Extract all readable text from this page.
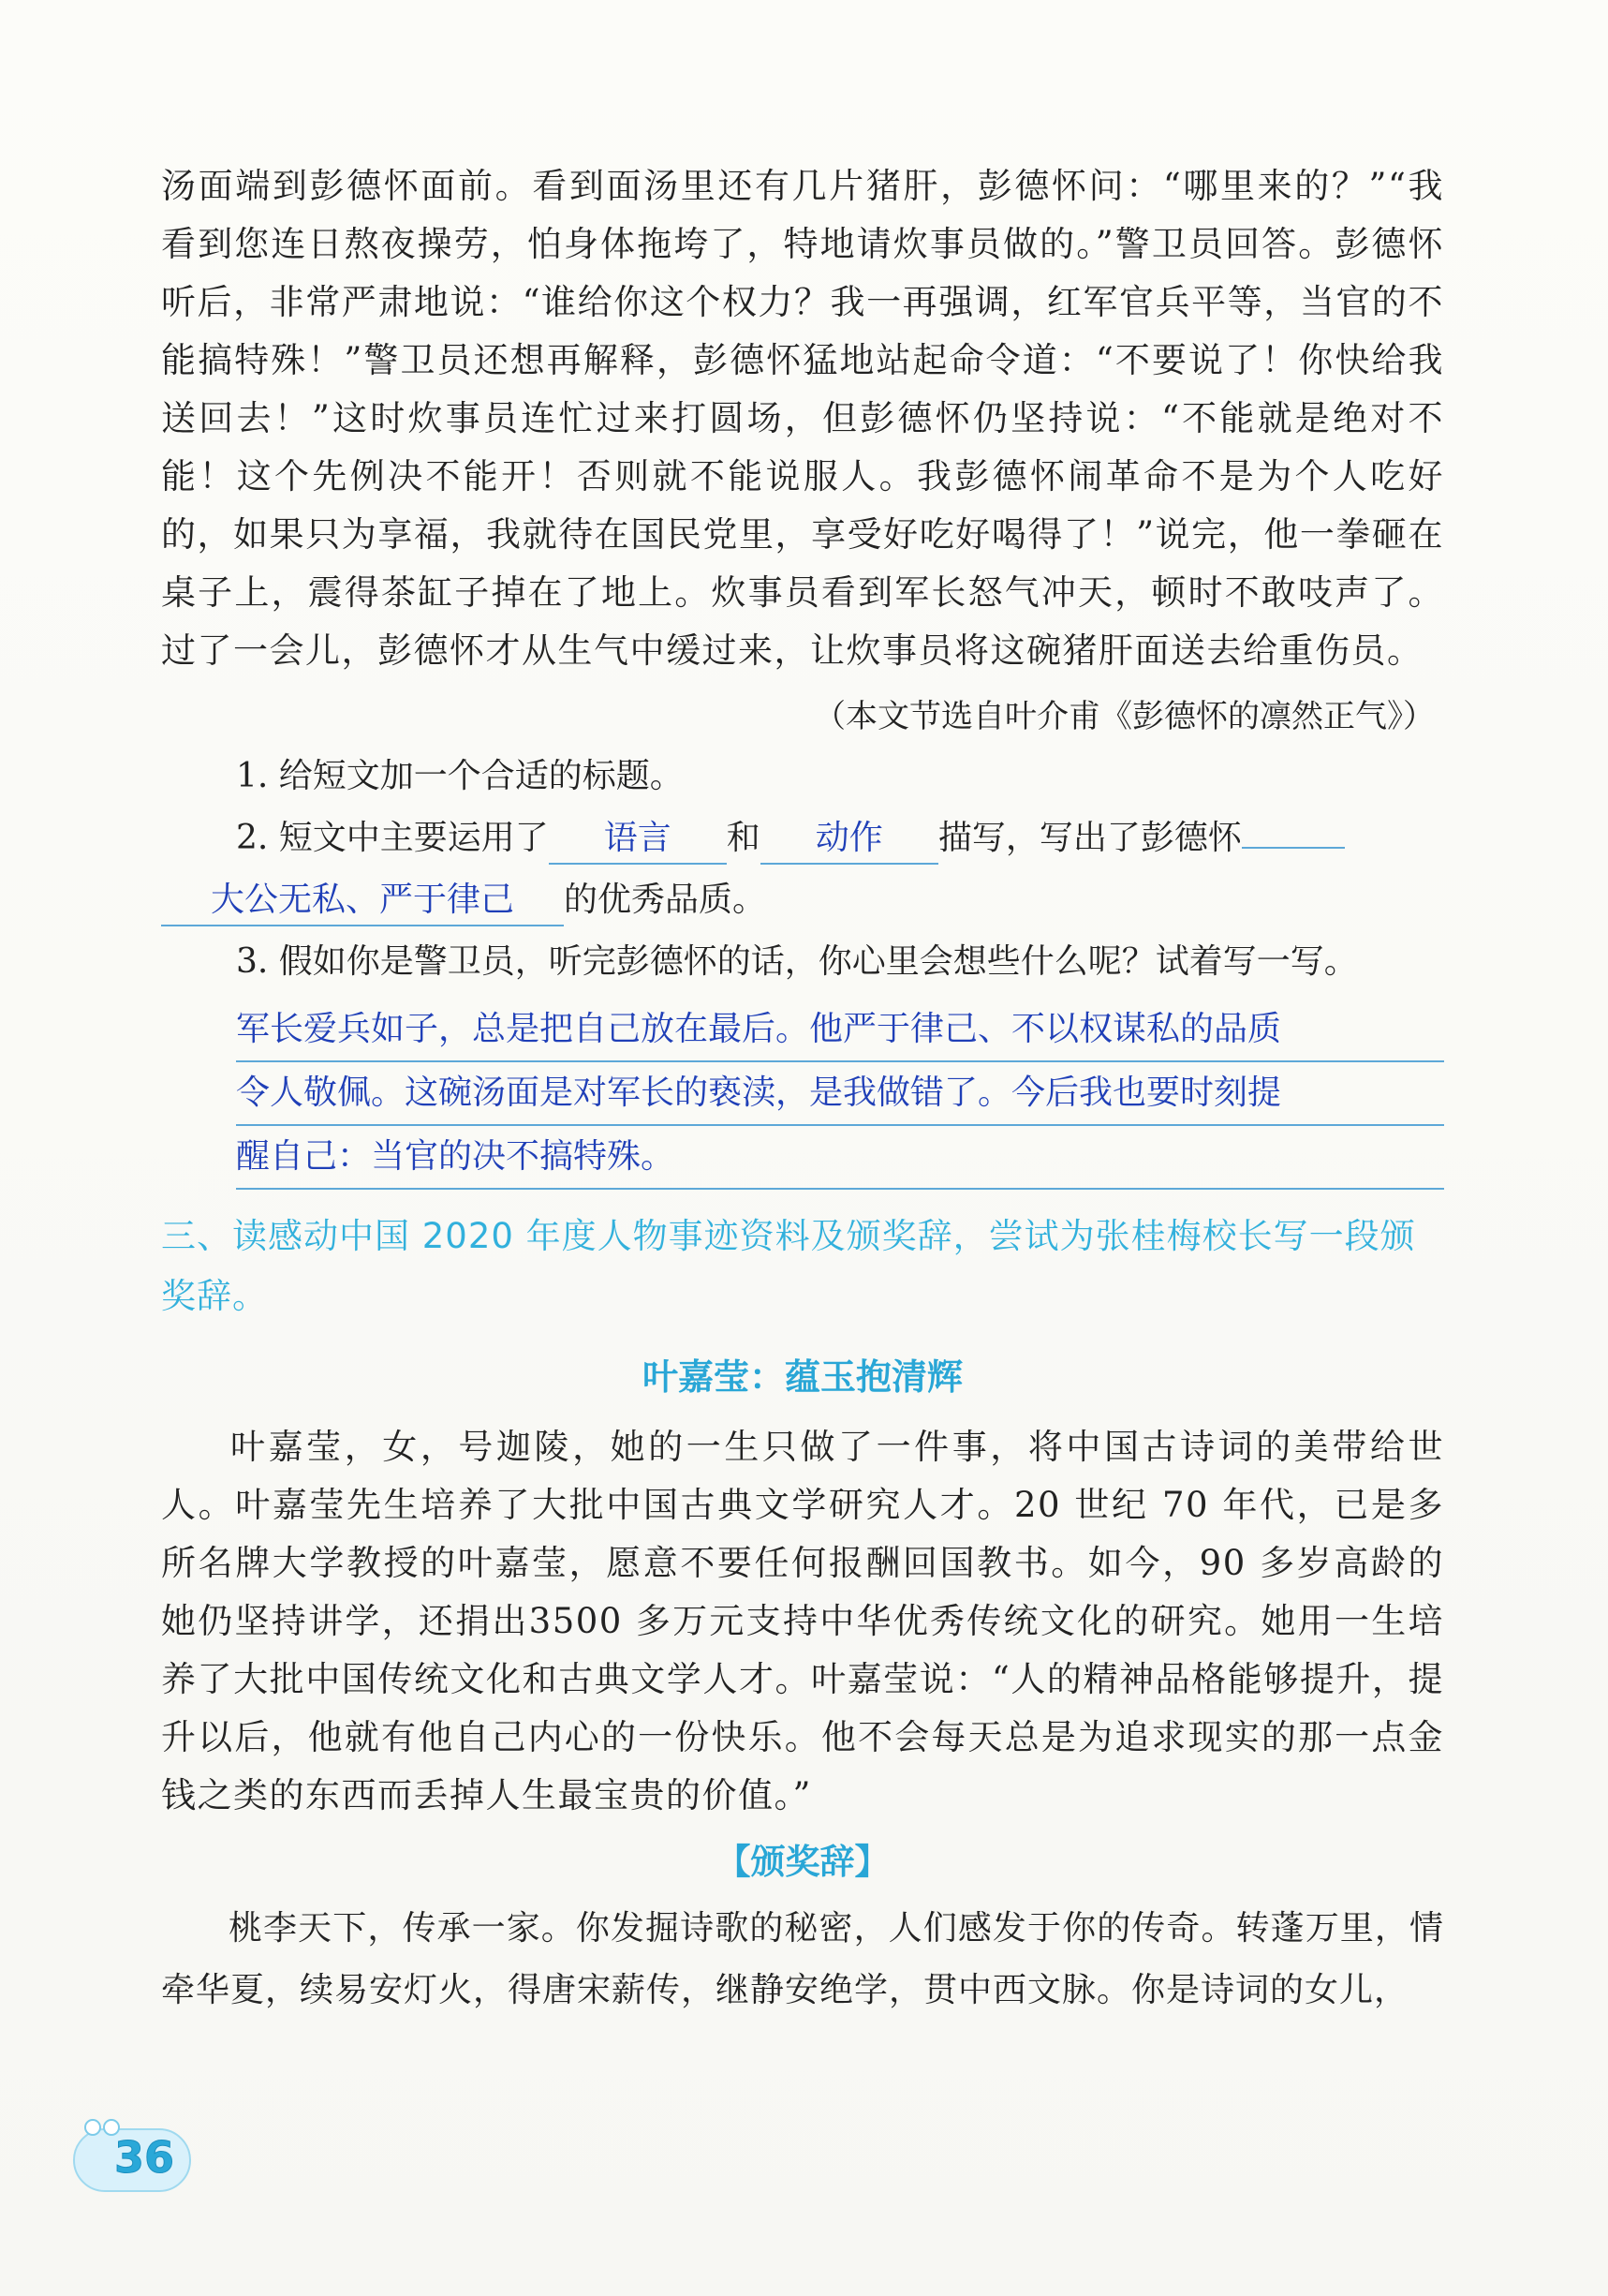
汤面端到彭德怀面前。看到面汤里还有几片猪肝，彭德怀问：“哪里来的？”“我看到您连日熬夜操劳，怕身体拖垮了，特地请炊事员做的。”警卫员回答。彭德怀听后，非常严肃地说：“谁给你这个权力？我一再强调，红军官兵平等，当官的不能搞特殊！”警卫员还想再解释，彭德怀猛地站起命令道：“不要说了！你快给我送回去！”这时炊事员连忙过来打圆场，但彭德怀仍坚持说：“不能就是绝对不能！这个先例决不能开！否则就不能说服人。我彭德怀闹革命不是为个人吃好的，如果只为享福，我就待在国民党里，享受好吃好喝得了！”说完，他一拳砸在桌子上，震得茶缸子掉在了地上。炊事员看到军长怒气冲天，顿时不敢吱声了。过了一会儿，彭德怀才从生气中缓过来，让炊事员将这碗猪肝面送去给重伤员。

（本文节选自叶介甫《彭德怀的凛然正气》）

1. 给短文加一个合适的标题。

2. 短文中主要运用了 语言 和 动作 描写，写出了彭德怀

大公无私、严于律己 的优秀品质。

3. 假如你是警卫员，听完彭德怀的话，你心里会想些什么呢？试着写一写。

军长爱兵如子，总是把自己放在最后。他严于律己、不以权谋私的品质
令人敬佩。这碗汤面是对军长的亵渎，是我做错了。今后我也要时刻提
醒自己：当官的决不搞特殊。

三、读感动中国 2020 年度人物事迹资料及颁奖辞，尝试为张桂梅校长写一段颁奖辞。

叶嘉莹：蕴玉抱清辉

叶嘉莹，女，号迦陵，她的一生只做了一件事，将中国古诗词的美带给世人。叶嘉莹先生培养了大批中国古典文学研究人才。20 世纪 70 年代，已是多所名牌大学教授的叶嘉莹，愿意不要任何报酬回国教书。如今，90 多岁高龄的她仍坚持讲学，还捐出3500 多万元支持中华优秀传统文化的研究。她用一生培养了大批中国传统文化和古典文学人才。叶嘉莹说：“人的精神品格能够提升，提升以后，他就有他自己内心的一份快乐。他不会每天总是为追求现实的那一点金钱之类的东西而丢掉人生最宝贵的价值。”

【颁奖辞】

桃李天下，传承一家。你发掘诗歌的秘密，人们感发于你的传奇。转蓬万里，情牵华夏，续易安灯火，得唐宋薪传，继静安绝学，贯中西文脉。你是诗词的女儿，

36
